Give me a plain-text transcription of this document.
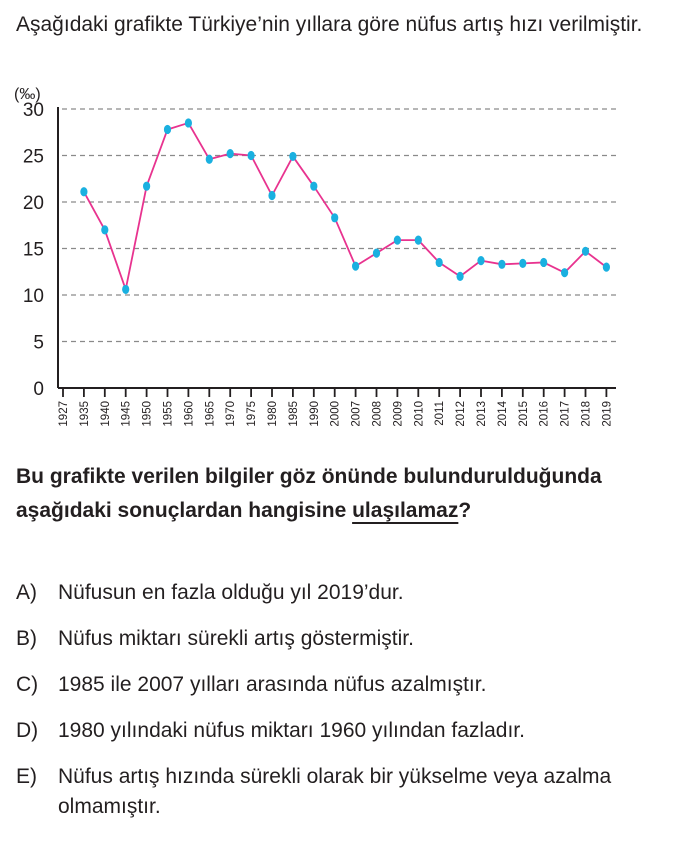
Aşağıdaki grafikte Türkiye’nin yıllara göre nüfus artış hızı verilmiştir.

(‰)
0
5
10
15
20
25
30
1927 1935 1940 1945 1950 1955 1960 1965 1970 1975 1980 1985 1990 2000 2007 2008 2009 2010 2011 2012 2013 2014 2015 2016 2017 2018 2019
Bu grafikte verilen bilgiler göz önünde bulundurulduğunda aşağıdaki sonuçlardan hangisine ulaşılamaz?
A)	Nüfusun en fazla olduğu yıl 2019’dur.
B)	Nüfus miktarı sürekli artış göstermiştir.
C) 1985 ile 2007 yılları arasında nüfus azalmıştır.
D) 1980 yılındaki nüfus miktarı 1960 yılından fazladır.
E)	Nüfus artış hızında sürekli olarak bir yükselme veya azalma olmamıştır.
